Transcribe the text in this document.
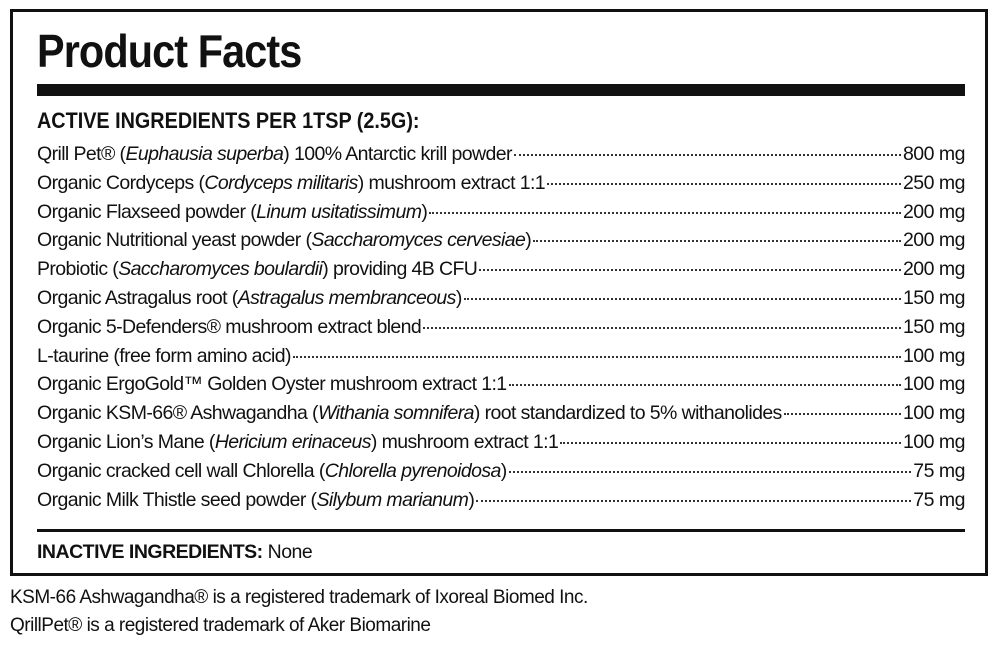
Product Facts
ACTIVE INGREDIENTS PER 1TSP (2.5G):
Qrill Pet® (Euphausia superba) 100% Antarctic krill powder	800 mg
Organic Cordyceps (Cordyceps militaris) mushroom extract 1:1	250 mg
Organic Flaxseed powder (Linum usitatissimum)	200 mg
Organic Nutritional yeast powder (Saccharomyces cervesiae)	200 mg
Probiotic (Saccharomyces boulardii) providing 4B CFU	200 mg
Organic Astragalus root (Astragalus membranceous)	150 mg
Organic 5-Defenders® mushroom extract blend	150 mg
L-taurine (free form amino acid)	100 mg
Organic ErgoGold™ Golden Oyster mushroom extract 1:1	100 mg
Organic KSM-66® Ashwagandha (Withania somnifera) root standardized to 5% withanolides	100 mg
Organic Lion’s Mane (Hericium erinaceus) mushroom extract 1:1	100 mg
Organic cracked cell wall Chlorella (Chlorella pyrenoidosa)	75 mg
Organic Milk Thistle seed powder (Silybum marianum)	75 mg
INACTIVE INGREDIENTS: None
KSM-66 Ashwagandha® is a registered trademark of Ixoreal Biomed Inc.
QrillPet® is a registered trademark of Aker Biomarine
